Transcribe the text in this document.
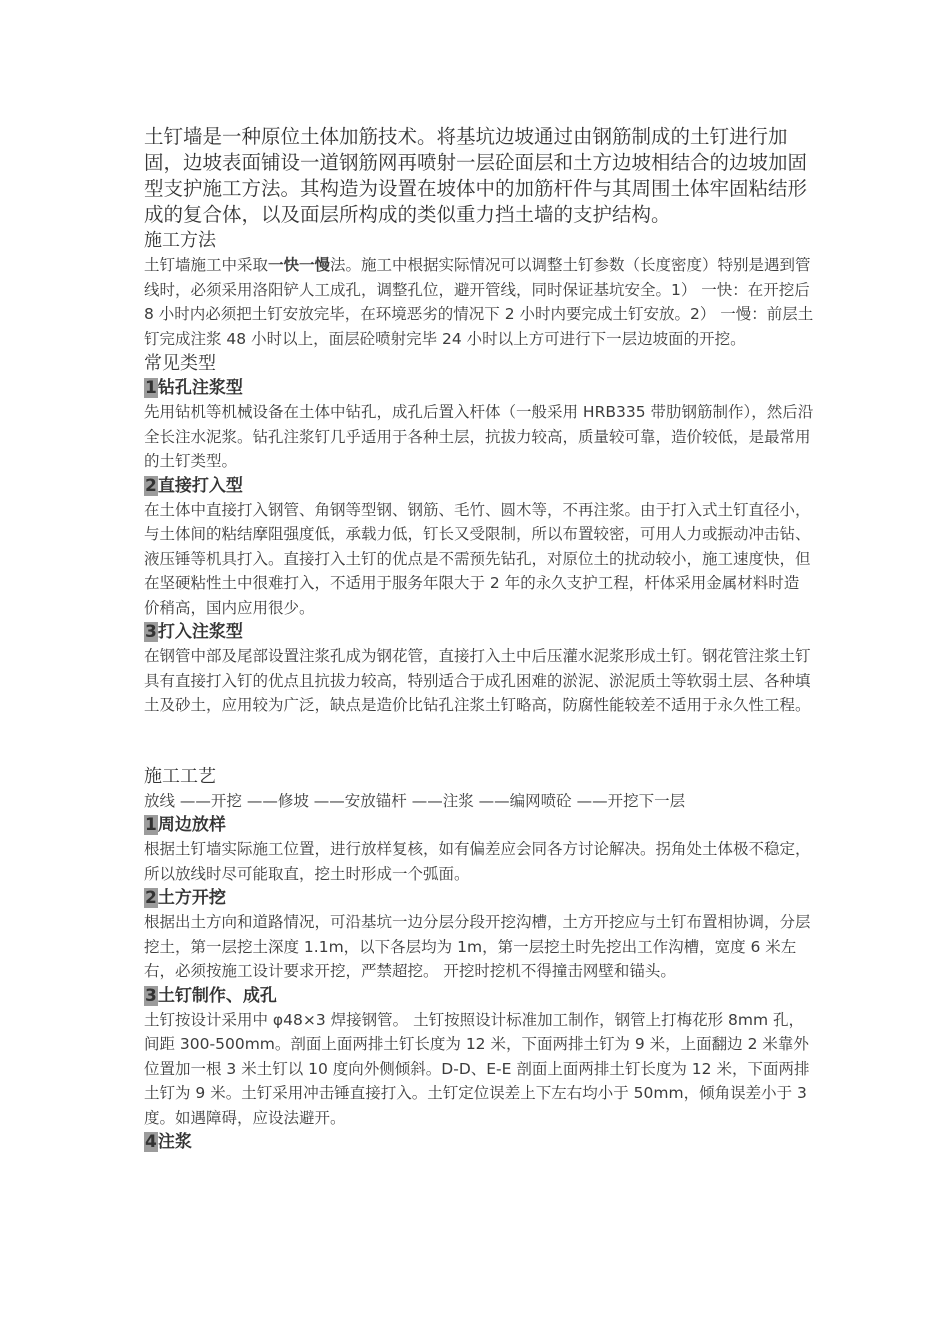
土钉墙是一种原位土体加筋技术。将基坑边坡通过由钢筋制成的土钉进行加固，边坡表面铺设一道钢筋网再喷射一层砼面层和土方边坡相结合的边坡加固型支护施工方法。其构造为设置在坡体中的加筋杆件与其周围土体牢固粘结形成的复合体，以及面层所构成的类似重力挡土墙的支护结构。

施工方法

土钉墙施工中采取一快一慢法。施工中根据实际情况可以调整土钉参数（长度密度）特别是遇到管线时，必须采用洛阳铲人工成孔，调整孔位，避开管线，同时保证基坑安全。1） 一快：在开挖后 8 小时内必须把土钉安放完毕，在环境恶劣的情况下 2 小时内要完成土钉安放。2） 一慢：前层土钉完成注浆 48 小时以上，面层砼喷射完毕 24 小时以上方可进行下一层边坡面的开挖。

常见类型

1钻孔注浆型

先用钻机等机械设备在土体中钻孔，成孔后置入杆体（一般采用 HRB335 带肋钢筋制作），然后沿全长注水泥浆。钻孔注浆钉几乎适用于各种土层，抗拔力较高，质量较可靠，造价较低，是最常用的土钉类型。

2直接打入型

在土体中直接打入钢管、角钢等型钢、钢筋、毛竹、圆木等，不再注浆。由于打入式土钉直径小，与土体间的粘结摩阻强度低，承载力低，钉长又受限制，所以布置较密，可用人力或振动冲击钻、液压锤等机具打入。直接打入土钉的优点是不需预先钻孔，对原位土的扰动较小，施工速度快，但在坚硬粘性土中很难打入，不适用于服务年限大于 2 年的永久支护工程，杆体采用金属材料时造价稍高，国内应用很少。

3打入注浆型

在钢管中部及尾部设置注浆孔成为钢花管，直接打入土中后压灌水泥浆形成土钉。钢花管注浆土钉具有直接打入钉的优点且抗拔力较高，特别适合于成孔困难的淤泥、淤泥质土等软弱土层、各种填土及砂土，应用较为广泛，缺点是造价比钻孔注浆土钉略高，防腐性能较差不适用于永久性工程。

施工工艺

放线 ——开挖 ——修坡 ——安放锚杆 ——注浆 ——编网喷砼 ——开挖下一层

1周边放样

根据土钉墙实际施工位置，进行放样复核，如有偏差应会同各方讨论解决。拐角处土体极不稳定，所以放线时尽可能取直，挖土时形成一个弧面。

2土方开挖

根据出土方向和道路情况，可沿基坑一边分层分段开挖沟槽，土方开挖应与土钉布置相协调，分层挖土，第一层挖土深度 1.1m，以下各层均为 1m，第一层挖土时先挖出工作沟槽，宽度 6 米左右，必须按施工设计要求开挖，严禁超挖。 开挖时挖机不得撞击网壁和锚头。

3土钉制作、成孔

土钉按设计采用中 φ48×3 焊接钢管。 土钉按照设计标准加工制作，钢管上打梅花形 8mm 孔，间距 300-500mm。剖面上面两排土钉长度为 12 米，下面两排土钉为 9 米，上面翻边 2 米靠外位置加一根 3 米土钉以 10 度向外侧倾斜。D-D、E-E 剖面上面两排土钉长度为 12 米，下面两排土钉为 9 米。土钉采用冲击锤直接打入。土钉定位误差上下左右均小于 50mm，倾角误差小于 3 度。如遇障碍，应设法避开。

4注浆
